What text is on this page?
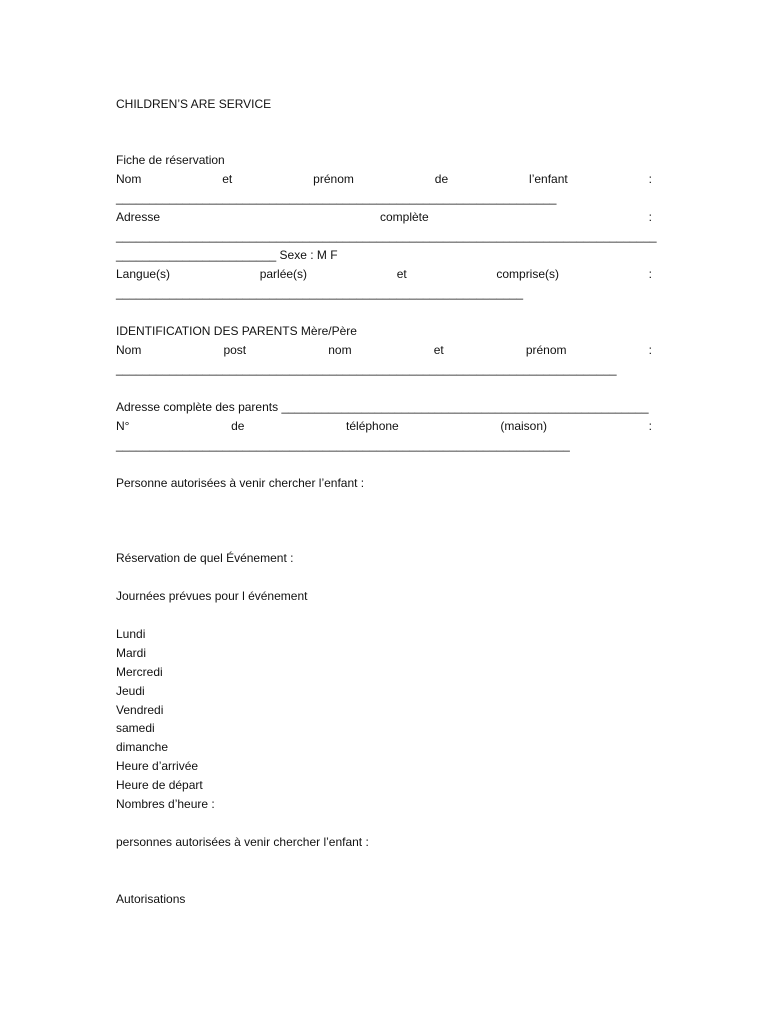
CHILDREN’S ARE SERVICE
Fiche de réservation
Nom	et	prénom	de	l’enfant	:
__________________________________________________________________
Adresse	complète	:
_________________________________________________________________________________
________________________ Sexe : M F
Langue(s)	parlée(s)	et	comprise(s)	:
_____________________________________________________________
IDENTIFICATION DES PARENTS Mère/Père
Nom	post	nom	et	prénom	:
___________________________________________________________________________
Adresse complète des parents _______________________________________________________
N°	de	téléphone	(maison)	:
____________________________________________________________________
Personne autorisées à venir chercher l’enfant :
Réservation de quel Événement :
Journées prévues pour l événement
Lundi
Mardi
Mercredi
Jeudi
Vendredi
samedi
dimanche
Heure d’arrivée
Heure de départ
Nombres d’heure :
personnes autorisées à venir chercher l’enfant :
Autorisations
